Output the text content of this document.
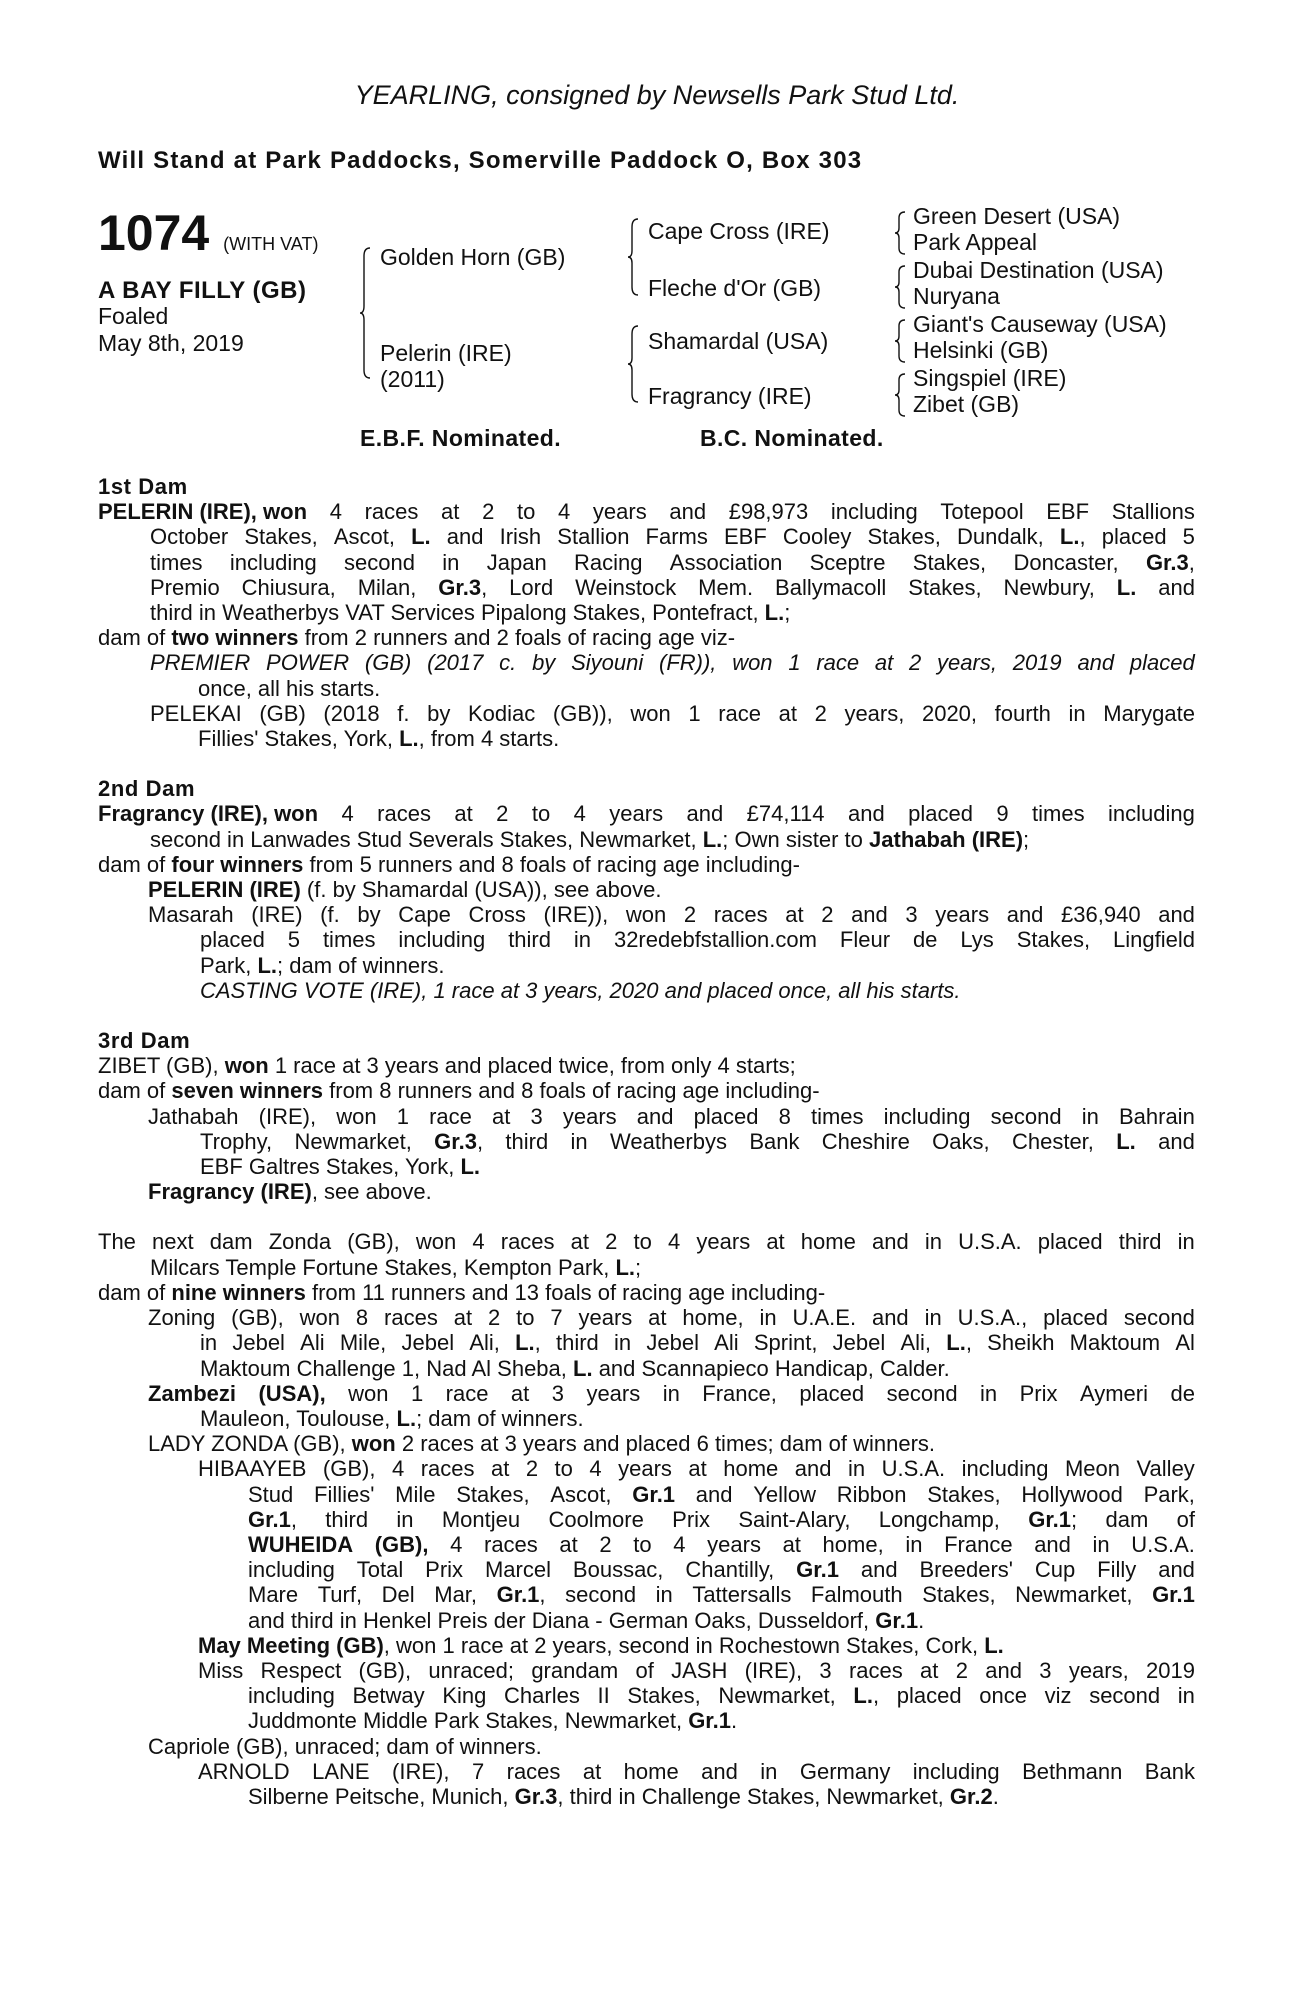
YEARLING, consigned by Newsells Park Stud Ltd.
Will Stand at Park Paddocks, Somerville Paddock O, Box 303
1074 (WITH VAT)
A BAY FILLY (GB)
Foaled
May 8th, 2019
Golden Horn (GB)
Pelerin (IRE)
(2011)
Cape Cross (IRE)
Fleche d'Or (GB)
Shamardal (USA)
Fragrancy (IRE)
Green Desert (USA)
Park Appeal
Dubai Destination (USA)
Nuryana
Giant's Causeway (USA)
Helsinki (GB)
Singspiel (IRE)
Zibet (GB)
E.B.F. Nominated.	B.C. Nominated.
1st Dam
PELERIN (IRE), won 4 races at 2 to 4 years and £98,973 including Totepool EBF Stallions
October Stakes, Ascot, L. and Irish Stallion Farms EBF Cooley Stakes, Dundalk, L., placed 5
times including second in Japan Racing Association Sceptre Stakes, Doncaster, Gr.3,
Premio Chiusura, Milan, Gr.3, Lord Weinstock Mem. Ballymacoll Stakes, Newbury, L. and
third in Weatherbys VAT Services Pipalong Stakes, Pontefract, L.;
dam of two winners from 2 runners and 2 foals of racing age viz-
PREMIER POWER (GB) (2017 c. by Siyouni (FR)), won 1 race at 2 years, 2019 and placed
once, all his starts.
PELEKAI (GB) (2018 f. by Kodiac (GB)), won 1 race at 2 years, 2020, fourth in Marygate
Fillies' Stakes, York, L., from 4 starts.
2nd Dam
Fragrancy (IRE), won 4 races at 2 to 4 years and £74,114 and placed 9 times including
second in Lanwades Stud Severals Stakes, Newmarket, L.; Own sister to Jathabah (IRE);
dam of four winners from 5 runners and 8 foals of racing age including-
PELERIN (IRE) (f. by Shamardal (USA)), see above.
Masarah (IRE) (f. by Cape Cross (IRE)), won 2 races at 2 and 3 years and £36,940 and
placed 5 times including third in 32redebfstallion.com Fleur de Lys Stakes, Lingfield
Park, L.; dam of winners.
CASTING VOTE (IRE), 1 race at 3 years, 2020 and placed once, all his starts.
3rd Dam
ZIBET (GB), won 1 race at 3 years and placed twice, from only 4 starts;
dam of seven winners from 8 runners and 8 foals of racing age including-
Jathabah (IRE), won 1 race at 3 years and placed 8 times including second in Bahrain
Trophy, Newmarket, Gr.3, third in Weatherbys Bank Cheshire Oaks, Chester, L. and
EBF Galtres Stakes, York, L.
Fragrancy (IRE), see above.
The next dam Zonda (GB), won 4 races at 2 to 4 years at home and in U.S.A. placed third in
Milcars Temple Fortune Stakes, Kempton Park, L.;
dam of nine winners from 11 runners and 13 foals of racing age including-
Zoning (GB), won 8 races at 2 to 7 years at home, in U.A.E. and in U.S.A., placed second
in Jebel Ali Mile, Jebel Ali, L., third in Jebel Ali Sprint, Jebel Ali, L., Sheikh Maktoum Al
Maktoum Challenge 1, Nad Al Sheba, L. and Scannapieco Handicap, Calder.
Zambezi (USA), won 1 race at 3 years in France, placed second in Prix Aymeri de
Mauleon, Toulouse, L.; dam of winners.
LADY ZONDA (GB), won 2 races at 3 years and placed 6 times; dam of winners.
HIBAAYEB (GB), 4 races at 2 to 4 years at home and in U.S.A. including Meon Valley
Stud Fillies' Mile Stakes, Ascot, Gr.1 and Yellow Ribbon Stakes, Hollywood Park,
Gr.1, third in Montjeu Coolmore Prix Saint-Alary, Longchamp, Gr.1; dam of
WUHEIDA (GB), 4 races at 2 to 4 years at home, in France and in U.S.A.
including Total Prix Marcel Boussac, Chantilly, Gr.1 and Breeders' Cup Filly and
Mare Turf, Del Mar, Gr.1, second in Tattersalls Falmouth Stakes, Newmarket, Gr.1
and third in Henkel Preis der Diana - German Oaks, Dusseldorf, Gr.1.
May Meeting (GB), won 1 race at 2 years, second in Rochestown Stakes, Cork, L.
Miss Respect (GB), unraced; grandam of JASH (IRE), 3 races at 2 and 3 years, 2019
including Betway King Charles II Stakes, Newmarket, L., placed once viz second in
Juddmonte Middle Park Stakes, Newmarket, Gr.1.
Capriole (GB), unraced; dam of winners.
ARNOLD LANE (IRE), 7 races at home and in Germany including Bethmann Bank
Silberne Peitsche, Munich, Gr.3, third in Challenge Stakes, Newmarket, Gr.2.
